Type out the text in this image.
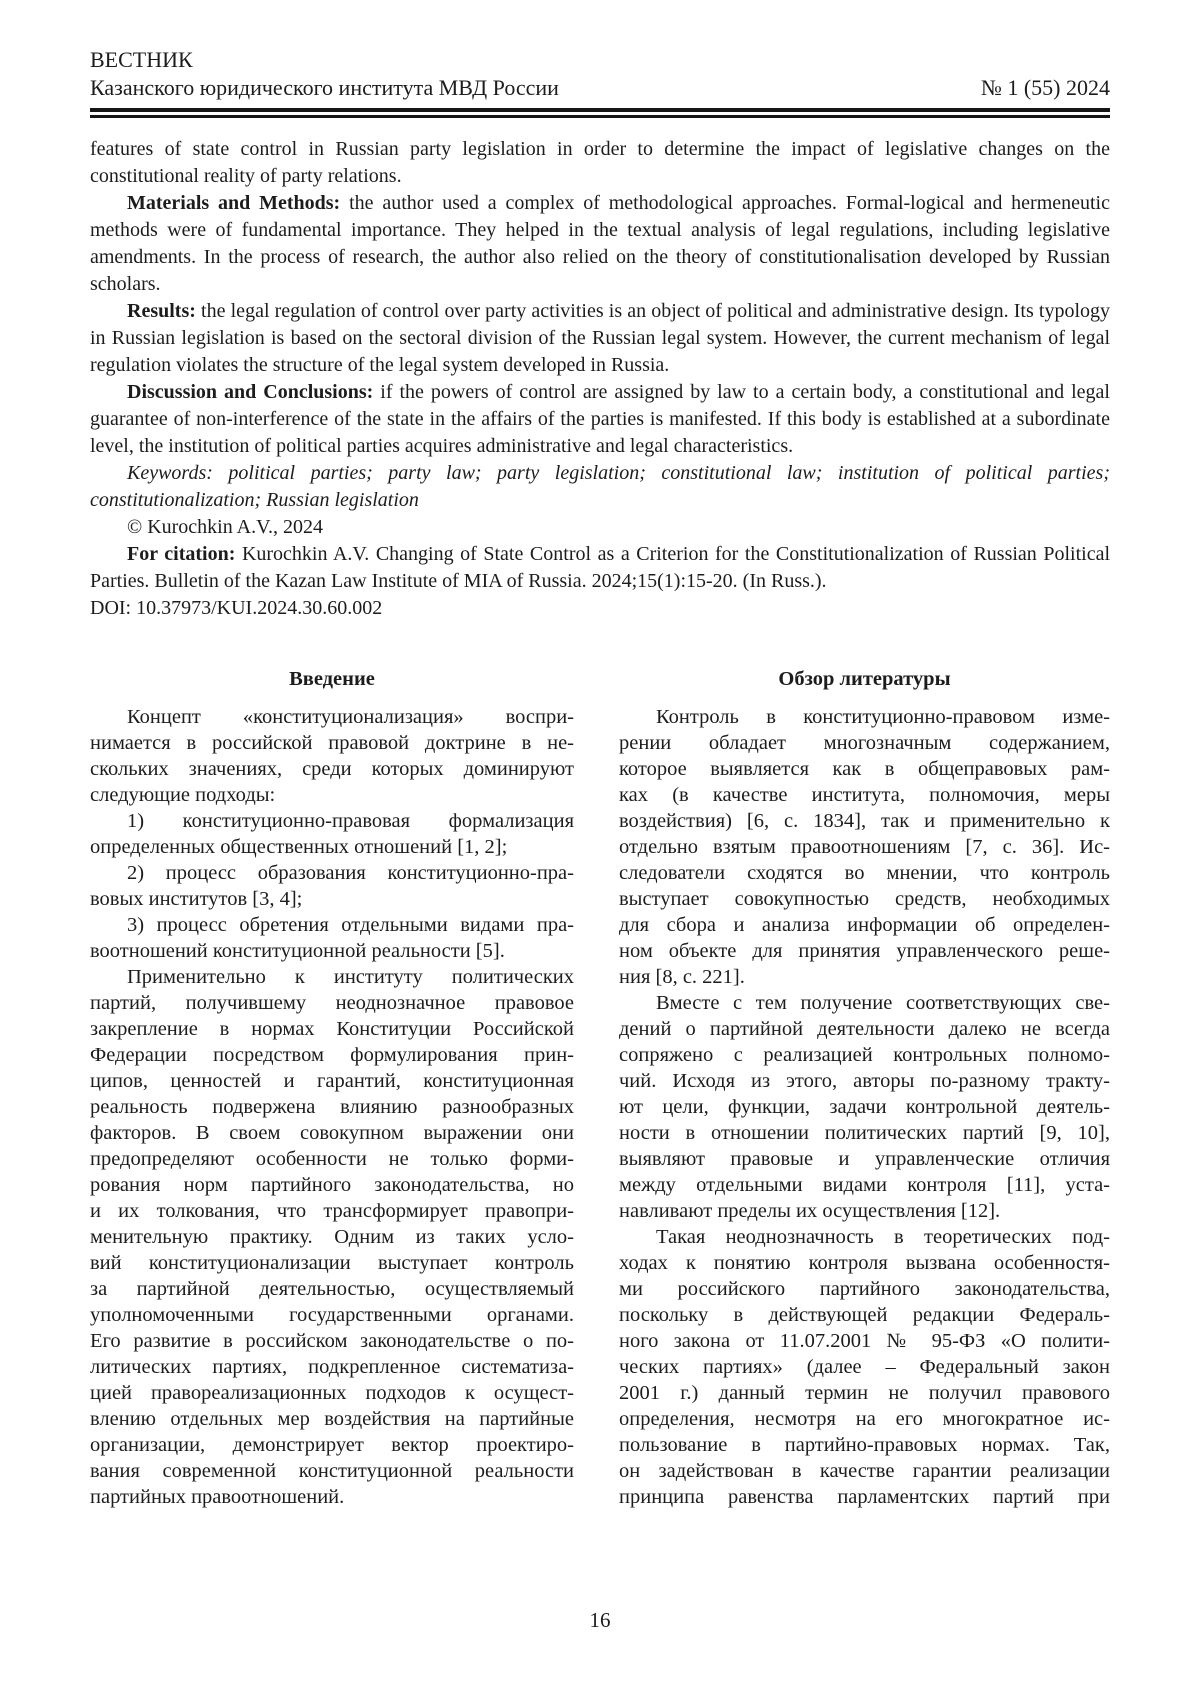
ВЕСТНИК
Казанского юридического института МВД России	№ 1 (55) 2024
features of state control in Russian party legislation in order to determine the impact of legislative changes on the constitutional reality of party relations.
Materials and Methods: the author used a complex of methodological approaches. Formal-logical and hermeneutic methods were of fundamental importance. They helped in the textual analysis of legal regulations, including legislative amendments. In the process of research, the author also relied on the theory of constitutionalisation developed by Russian scholars.
Results: the legal regulation of control over party activities is an object of political and administrative design. Its typology in Russian legislation is based on the sectoral division of the Russian legal system. However, the current mechanism of legal regulation violates the structure of the legal system developed in Russia.
Discussion and Conclusions: if the powers of control are assigned by law to a certain body, a constitutional and legal guarantee of non-interference of the state in the affairs of the parties is manifested. If this body is established at a subordinate level, the institution of political parties acquires administrative and legal characteristics.
Keywords: political parties; party law; party legislation; constitutional law; institution of political parties; constitutionalization; Russian legislation
© Kurochkin A.V., 2024
For citation: Kurochkin A.V. Changing of State Control as a Criterion for the Constitutionalization of Russian Political Parties. Bulletin of the Kazan Law Institute of MIA of Russia. 2024;15(1):15-20. (In Russ.).
DOI: 10.37973/KUI.2024.30.60.002
Введение
Концепт «конституционализация» воспри-
нимается в российской правовой доктрине в не-
скольких значениях, среди которых доминируют
следующие подходы:
1) конституционно-правовая формализация
определенных общественных отношений [1, 2];
2) процесс образования конституционно-пра-
вовых институтов [3, 4];
3) процесс обретения отдельными видами пра-
воотношений конституционной реальности [5].
Применительно к институту политических
партий, получившему неоднозначное правовое
закрепление в нормах Конституции Российской
Федерации посредством формулирования прин-
ципов, ценностей и гарантий, конституционная
реальность подвержена влиянию разнообразных
факторов. В своем совокупном выражении они
предопределяют особенности не только форми-
рования норм партийного законодательства, но
и их толкования, что трансформирует правопри-
менительную практику. Одним из таких усло-
вий конституционализации выступает контроль
за партийной деятельностью, осуществляемый
уполномоченными государственными органами.
Его развитие в российском законодательстве о по-
литических партиях, подкрепленное систематиза-
цией правореализационных подходов к осущест-
влению отдельных мер воздействия на партийные
организации, демонстрирует вектор проектиро-
вания современной конституционной реальности
партийных правоотношений.
Обзор литературы
Контроль в конституционно-правовом изме-
рении обладает многозначным содержанием,
которое выявляется как в общеправовых рам-
ках (в качестве института, полномочия, меры
воздействия) [6, с. 1834], так и применительно к
отдельно взятым правоотношениям [7, с. 36]. Ис-
следователи сходятся во мнении, что контроль
выступает совокупностью средств, необходимых
для сбора и анализа информации об определен-
ном объекте для принятия управленческого реше-
ния [8, с. 221].
Вместе с тем получение соответствующих све-
дений о партийной деятельности далеко не всегда
сопряжено с реализацией контрольных полномо-
чий. Исходя из этого, авторы по-разному тракту-
ют цели, функции, задачи контрольной деятель-
ности в отношении политических партий [9, 10],
выявляют правовые и управленческие отличия
между отдельными видами контроля [11], уста-
навливают пределы их осуществления [12].
Такая неоднозначность в теоретических под-
ходах к понятию контроля вызвана особенностя-
ми российского партийного законодательства,
поскольку в действующей редакции Федераль-
ного закона от 11.07.2001 № 95-ФЗ «О полити-
ческих партиях» (далее – Федеральный закон
2001 г.) данный термин не получил правового
определения, несмотря на его многократное ис-
пользование в партийно-правовых нормах. Так,
он задействован в качестве гарантии реализации
принципа равенства парламентских партий при
16
